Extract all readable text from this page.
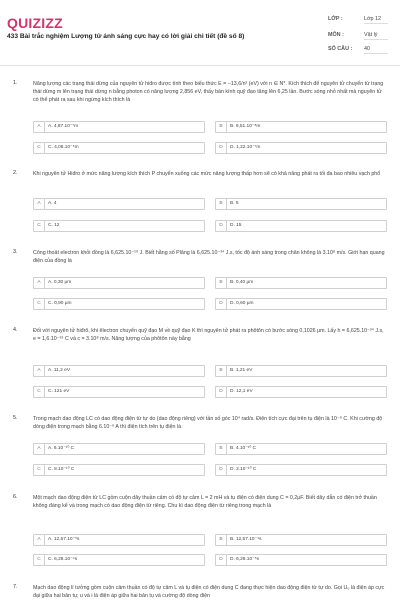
QUIZIZZ
433 Bài trắc nghiệm Lượng tử ánh sáng cực hay có lời giải chi tiết (đề số 8)
LỚP :	Lớp 12
MÔN :	Vật lý
SỐ CÂU : 40
1.	Năng lượng các trạng thái dừng của nguyên tử hiđro được tính theo biểu thức E = −13,6/n² (eV) với n ∈ N*. Kích thích để nguyên tử chuyển từ trạng thái dừng m lên trạng thái dừng n bằng photon có năng lượng 2,856 eV, thấy bán kính quỹ đạo tăng lên 6,25 lần. Bước sóng nhỏ nhất mà nguyên tử có thể phát ra sau khi ngừng kích thích là
A	A. 4,87.10⁻⁷m	B	B. 9,51.10⁻⁸m
C	C. 4,06.10⁻⁶m	D	D. 1,22.10⁻⁷m
2.	Khi nguyên tử Hiđro ở mức năng lượng kích thích P chuyển xuống các mức năng lượng thấp hơn sẽ có khả năng phát ra tối đa bao nhiêu vạch phổ
A	A. 4	B	B. 5
C	C. 12	D	D. 15
3.	Công thoát electron khỏi đồng là 6,625.10⁻¹⁹ J. Biết hằng số Plăng là 6,625.10⁻³⁴ J.s, tốc độ ánh sáng trong chân không là 3.10⁸ m/s. Giới hạn quang điện của đồng là
A	A. 0,30 μm	B	B. 0,40 μm
C	C. 0,90 μm	D	D. 0,60 μm
4.	Đối với nguyên tử hiđrô, khi êlectron chuyển quỹ đạo M về quỹ đạo K thì nguyên tử phát ra phôtôn có bước sóng 0,1026 μm. Lấy h = 6,625.10⁻³⁴ J.s, e = 1,6.10⁻¹⁹ C và c = 3.10⁸ m/s. Năng lượng của phôtôn này bằng
A	A. 11,2 eV	B	B. 1,21 eV
C	C. 121 eV	D	D. 12,1 eV
5.	Trong mạch dao động LC có dao động điện từ tự do (dao động riêng) với tần số góc 10⁴ rad/s. Điện tích cực đại trên tụ điện là 10⁻⁹ C. Khi cường độ dòng điện trong mạch bằng 6.10⁻⁶ A thì điện tích trên tụ điện là
A	A. 6.10⁻¹⁰ C	B	B. 4.10⁻¹⁰ C
C	C. 8.10⁻¹⁰ C	D	D. 2.10⁻¹⁰ C
6.	Một mạch dao động điện từ LC gồm cuộn dây thuần cảm có độ tự cảm L = 2 mH và tụ điện có điện dung C = 0,2μF. Biết dây dẫn có điện trở thuần không đáng kể và trong mạch có dao động điện từ riêng. Chu kì dao động điện từ riêng trong mạch là
A	A. 12,57.10⁻⁵s	B	B. 12,57.10⁻⁴s
C	C. 6,28.10⁻⁴s	D	D. 6,28.10⁻⁵s
7.	Mạch dao động lí tưởng gồm cuộn cảm thuần có độ tự cảm L và tụ điện có điện dung C đang thực hiện dao động điện từ tự do. Gọi U₀ là điện áp cực đại giữa hai bản tụ; u và i là điện áp giữa hai bản tụ và cường độ dòng điện
